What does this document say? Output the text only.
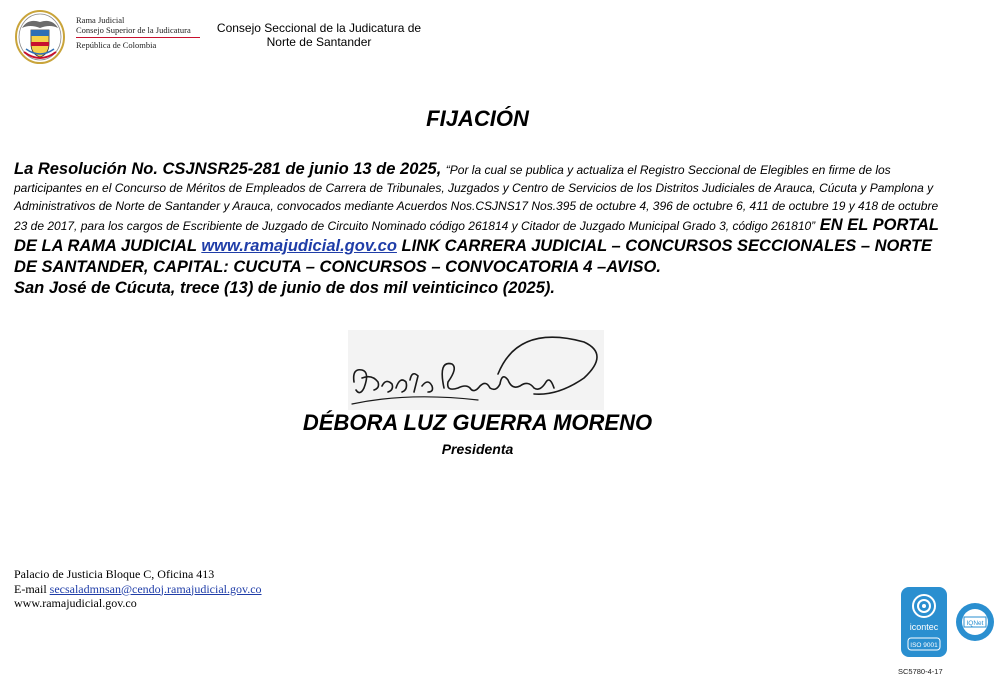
Rama Judicial
Consejo Superior de la Judicatura
República de Colombia
Consejo Seccional de la Judicatura de
Norte de Santander
FIJACIÓN
La Resolución No. CSJNSR25-281 de junio 13 de 2025, “Por la cual se publica y actualiza el Registro Seccional de Elegibles en firme de los participantes en el Concurso de Méritos de Empleados de Carrera de Tribunales, Juzgados y Centro de Servicios de los Distritos Judiciales de Arauca, Cúcuta y Pamplona y Administrativos de Norte de Santander y Arauca, convocados mediante Acuerdos Nos.CSJNS17 Nos.395 de octubre 4, 396 de octubre 6, 411 de octubre 19 y 418 de octubre 23 de 2017, para los cargos de Escribiente de Juzgado de Circuito Nominado código 261814 y Citador de Juzgado Municipal Grado 3, código 261810” EN EL PORTAL DE LA RAMA JUDICIAL www.ramajudicial.gov.co LINK CARRERA JUDICIAL – CONCURSOS SECCIONALES – NORTE DE SANTANDER, CAPITAL: CUCUTA – CONCURSOS – CONVOCATORIA 4 –AVISO.
San José de Cúcuta, trece (13) de junio de dos mil veinticinco (2025).
DÉBORA LUZ GUERRA MORENO
Presidenta
Palacio de Justicia Bloque C, Oficina 413
E-mail secsaladmnsan@cendoj.ramajudicial.gov.co
www.ramajudicial.gov.co
icontec
ISO 9001
IQNet
SC5780-4-17
